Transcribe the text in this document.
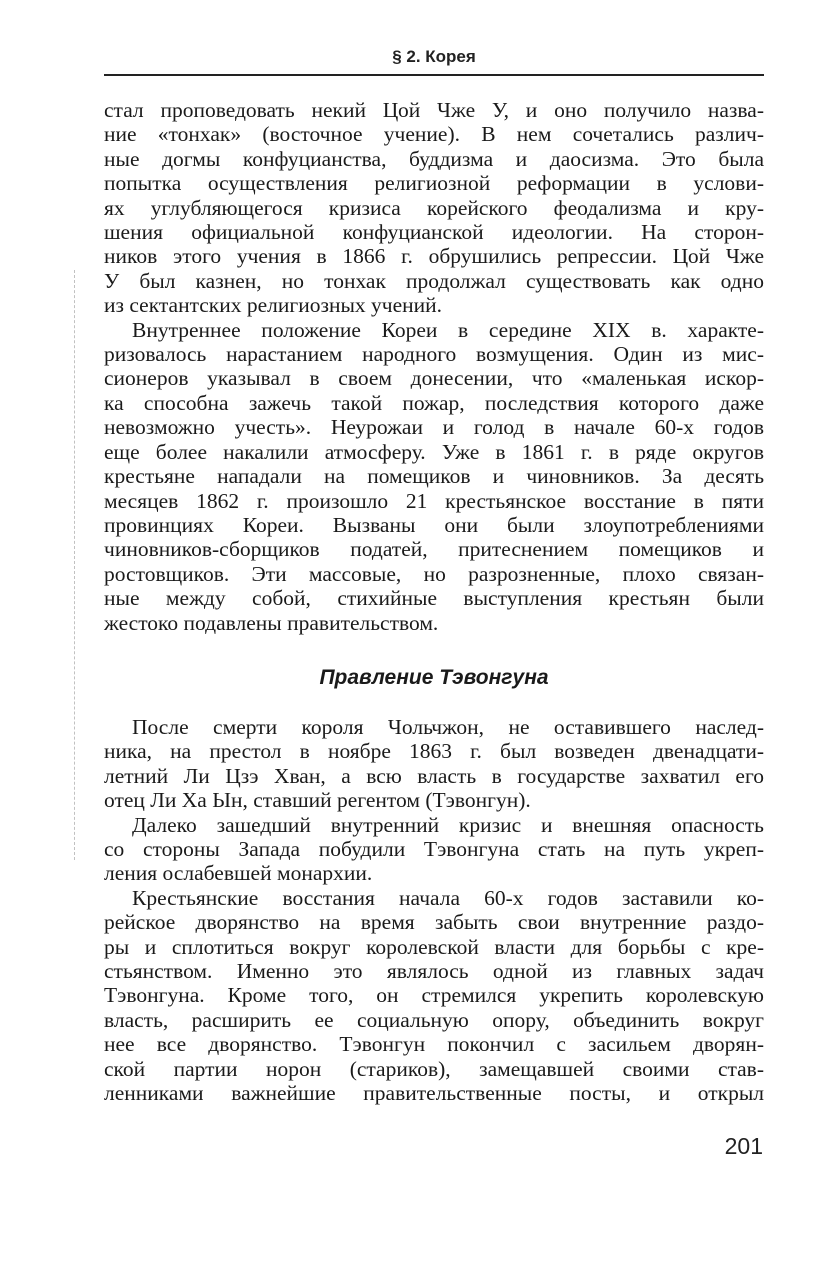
§ 2. Корея

стал проповедовать некий Цой Чже У, и оно получило назва-
ние «тонхак» (восточное учение). В нем сочетались различ-
ные догмы конфуцианства, буддизма и даосизма. Это была
попытка осуществления религиозной реформации в услови-
ях углубляющегося кризиса корейского феодализма и кру-
шения официальной конфуцианской идеологии. На сторон-
ников этого учения в 1866 г. обрушились репрессии. Цой Чже
У был казнен, но тонхак продолжал существовать как одно
из сектантских религиозных учений.

Внутреннее положение Кореи в середине XIX в. характе-
ризовалось нарастанием народного возмущения. Один из мис-
сионеров указывал в своем донесении, что «маленькая искор-
ка способна зажечь такой пожар, последствия которого даже
невозможно учесть». Неурожаи и голод в начале 60-х годов
еще более накалили атмосферу. Уже в 1861 г. в ряде округов
крестьяне нападали на помещиков и чиновников. За десять
месяцев 1862 г. произошло 21 крестьянское восстание в пяти
провинциях Кореи. Вызваны они были злоупотреблениями
чиновников-сборщиков податей, притеснением помещиков и
ростовщиков. Эти массовые, но разрозненные, плохо связан-
ные между собой, стихийные выступления крестьян были
жестоко подавлены правительством.

Правление Тэвонгуна

После смерти короля Чольчжон, не оставившего наслед-
ника, на престол в ноябре 1863 г. был возведен двенадцати-
летний Ли Цзэ Хван, а всю власть в государстве захватил его
отец Ли Ха Ын, ставший регентом (Тэвонгун).

Далеко зашедший внутренний кризис и внешняя опасность
со стороны Запада побудили Тэвонгуна стать на путь укреп-
ления ослабевшей монархии.

Крестьянские восстания начала 60-х годов заставили ко-
рейское дворянство на время забыть свои внутренние раздо-
ры и сплотиться вокруг королевской власти для борьбы с кре-
стьянством. Именно это являлось одной из главных задач
Тэвонгуна. Кроме того, он стремился укрепить королевскую
власть, расширить ее социальную опору, объединить вокруг
нее все дворянство. Тэвонгун покончил с засильем дворян-
ской партии норон (стариков), замещавшей своими став-
ленниками важнейшие правительственные посты, и открыл

201
